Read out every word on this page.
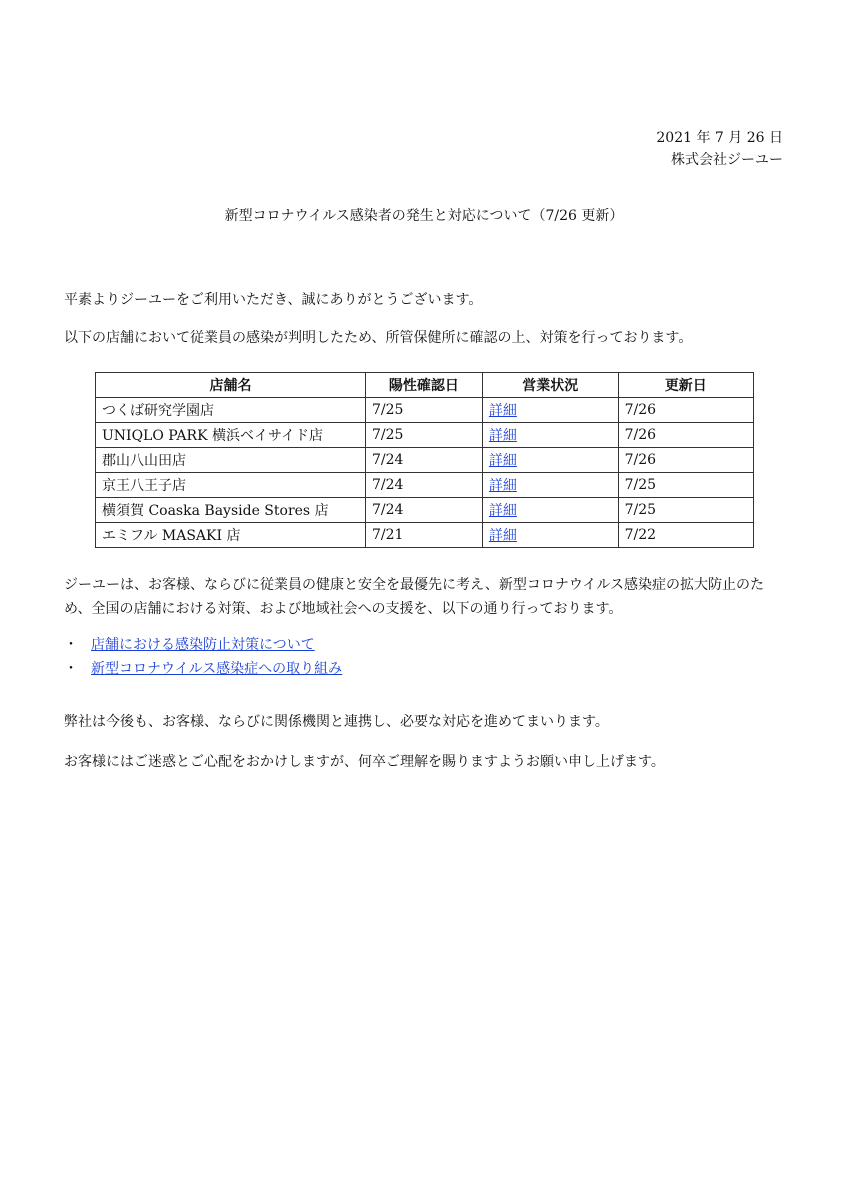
2021 年 7 月 26 日
株式会社ジーユー
新型コロナウイルス感染者の発生と対応について（7/26 更新）
平素よりジーユーをご利用いただき、誠にありがとうございます。
以下の店舗において従業員の感染が判明したため、所管保健所に確認の上、対策を行っております。
店舗名	陽性確認日	営業状況	更新日
つくば研究学園店	7/25	詳細	7/26
UNIQLO PARK 横浜ベイサイド店	7/25	詳細	7/26
郡山八山田店	7/24	詳細	7/26
京王八王子店	7/24	詳細	7/25
横須賀 Coaska Bayside Stores 店	7/24	詳細	7/25
エミフル MASAKI 店	7/21	詳細	7/22
ジーユーは、お客様、ならびに従業員の健康と安全を最優先に考え、新型コロナウイルス感染症の拡大防止のため、全国の店舗における対策、および地域社会への支援を、以下の通り行っております。
・ 店舗における感染防止対策について
・ 新型コロナウイルス感染症への取り組み
弊社は今後も、お客様、ならびに関係機関と連携し、必要な対応を進めてまいります。
お客様にはご迷惑とご心配をおかけしますが、何卒ご理解を賜りますようお願い申し上げます。
